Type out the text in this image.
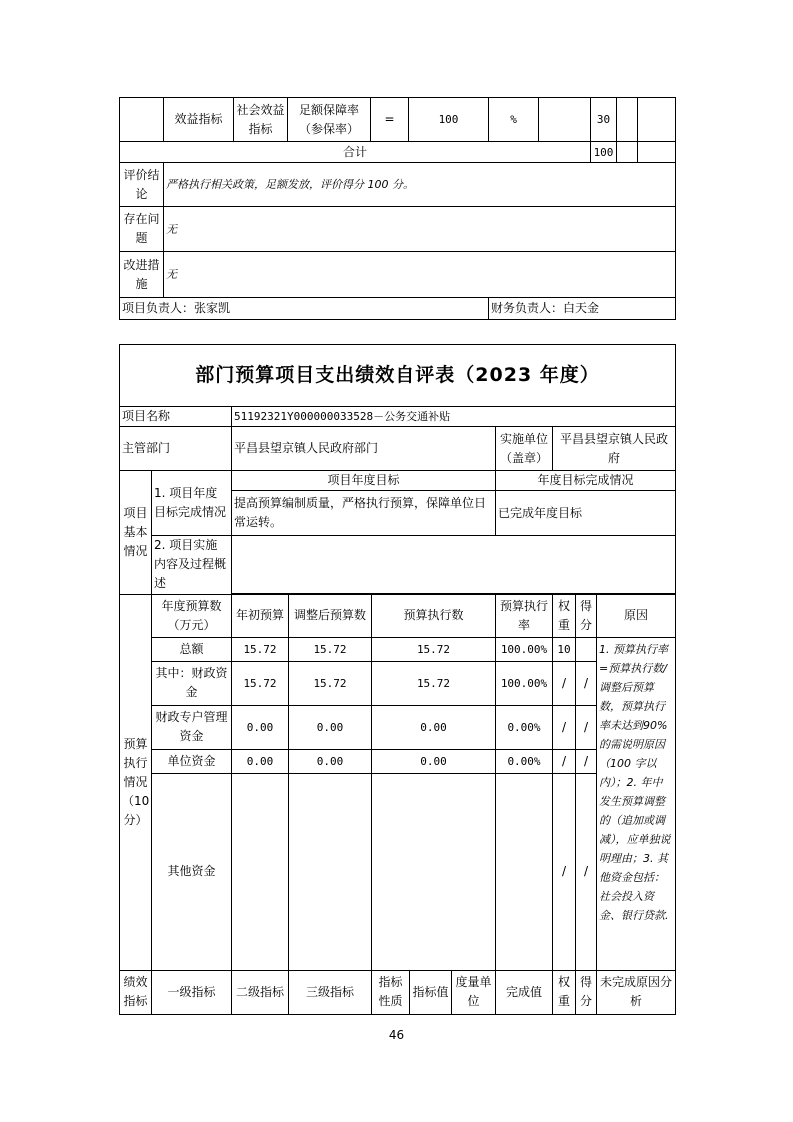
	效益指标	社会效益指标	足额保障率（参保率）	=	100	%		30		
合计								100		
评价结论	严格执行相关政策，足额发放，评价得分 100 分。									
存在问题	无									
改进措施	无									
项目负责人：张家凯						财务负责人：白天金				
部门预算项目支出绩效自评表（2023 年度）										
项目名称		51192321Y000000033528－公务交通补贴								
主管部门		平昌县望京镇人民政府部门					实施单位（盖章）	平昌县望京镇人民政府		
项目基本情况	1. 项目年度目标完成情况	项目年度目标					年度目标完成情况			
		提高预算编制质量，严格执行预算，保障单位日常运转。					已完成年度目标			
	2. 项目实施内容及过程概述									

预算执行情况（10分）	年度预算数（万元）	年初预算	调整后预算数	预算执行数			预算执行率	权重	得分	原因
	总额	15.72	15.72	15.72			100.00%	10		1. 预算执行率=预算执行数/调整后预算数，预算执行率未达到90%的需说明原因（100 字以内）；2. 年中发生预算调整的（追加或调减），应单独说明理由；3. 其他资金包括：社会投入资金、银行贷款.
	其中：财政资金	15.72	15.72	15.72			100.00%	/	/	
	财政专户管理资金	0.00	0.00	0.00			0.00%	/	/	
	单位资金	0.00	0.00	0.00			0.00%	/	/	
	其他资金							/	/	
绩效指标	一级指标	二级指标	三级指标	指标性质	指标值	度量单位	完成值	权重	得分	未完成原因分析
46
